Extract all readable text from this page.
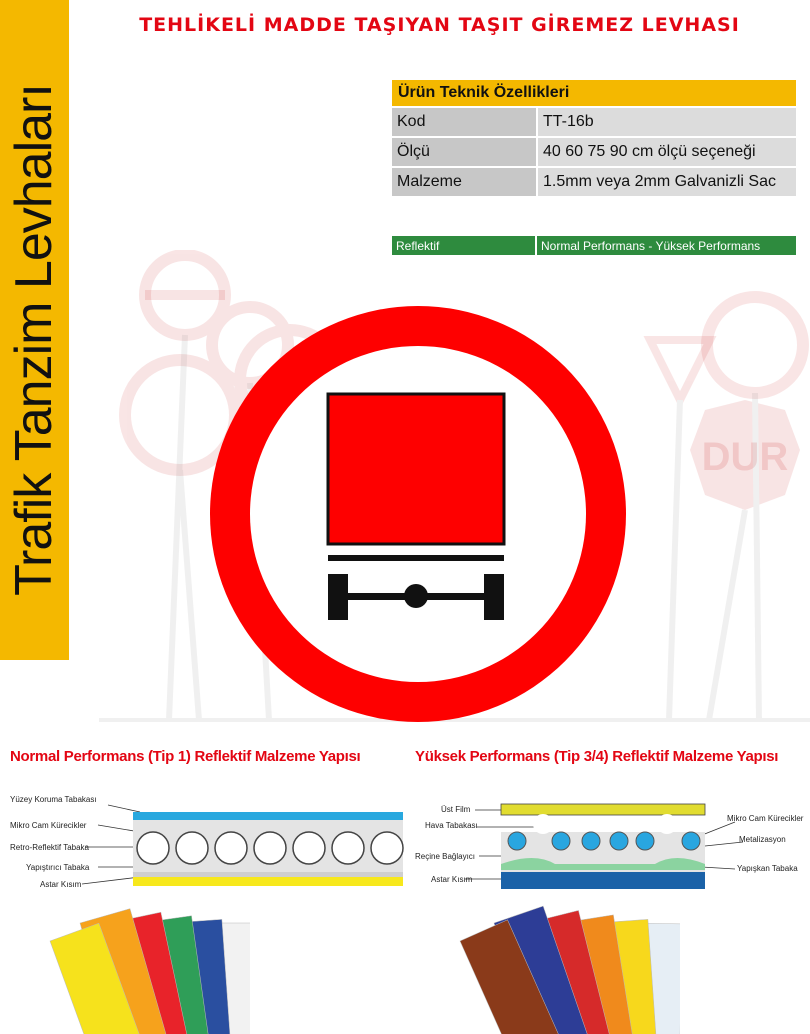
Trafik Tanzim Levhaları
TEHLİKELİ MADDE TAŞIYAN TAŞIT GİREMEZ LEVHASI
Ürün Teknik Özellikleri	
Kod	TT-16b
Ölçü	40 60 75 90 cm ölçü seçeneği
Malzeme	1.5mm veya 2mm Galvanizli Sac
Reflektif	Normal Performans - Yüksek Performans
DUR
Normal Performans (Tip 1) Reflektif Malzeme Yapısı	Yüksek Performans (Tip 3/4) Reflektif Malzeme Yapısı
Yüzey Koruma Tabakası
Mikro Cam Kürecikler
Retro-Reflektif Tabaka
Yapıştırıcı Tabaka
Astar Kısım
Üst Film
Hava Tabakası
Reçine Bağlayıcı
Astar Kısım
Mikro Cam Kürecikler
Metalizasyon
Yapışkan Tabaka
